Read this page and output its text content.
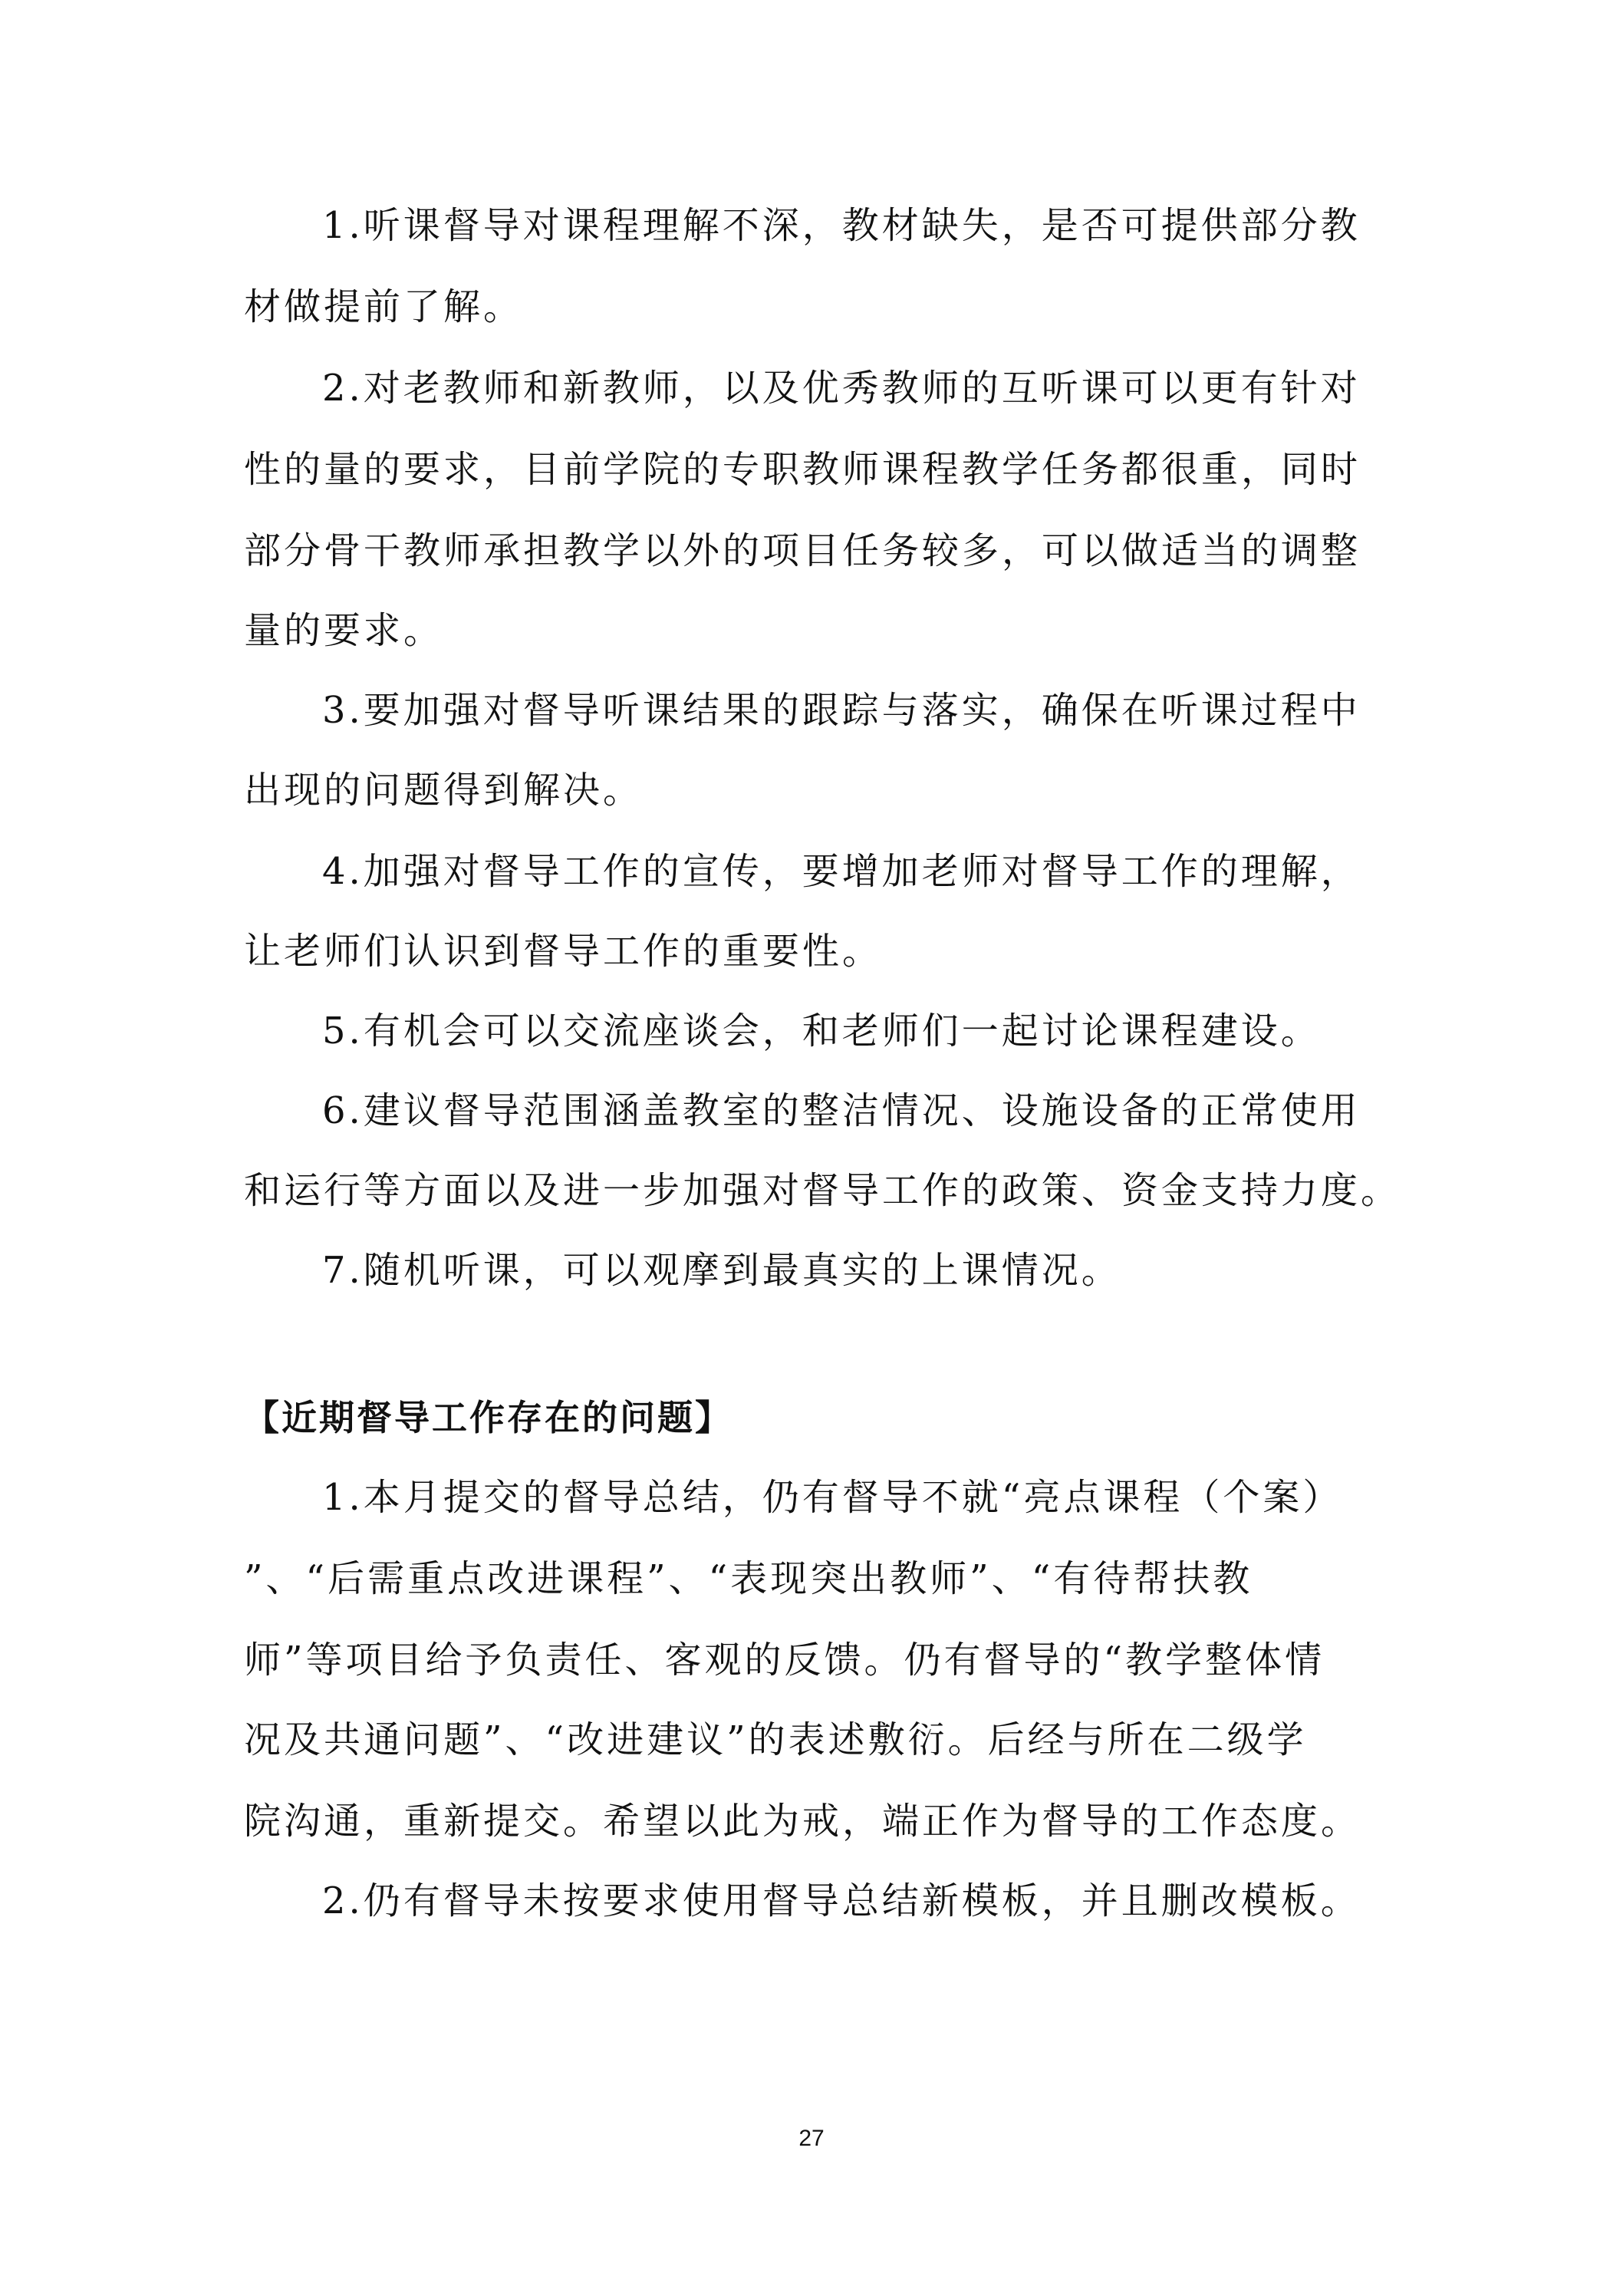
1.听课督导对课程理解不深，教材缺失，是否可提供部分教
材做提前了解。
2.对老教师和新教师，以及优秀教师的互听课可以更有针对
性的量的要求，目前学院的专职教师课程教学任务都很重，同时
部分骨干教师承担教学以外的项目任务较多，可以做适当的调整
量的要求。
3.要加强对督导听课结果的跟踪与落实，确保在听课过程中
出现的问题得到解决。
4.加强对督导工作的宣传，要增加老师对督导工作的理解，
让老师们认识到督导工作的重要性。
5.有机会可以交流座谈会，和老师们一起讨论课程建设。
6.建议督导范围涵盖教室的整洁情况、设施设备的正常使用
和运行等方面以及进一步加强对督导工作的政策、资金支持力度。
7.随机听课，可以观摩到最真实的上课情况。
【近期督导工作存在的问题】
1.本月提交的督导总结，仍有督导不就“亮点课程（个案）
”、“后需重点改进课程”、“表现突出教师”、“有待帮扶教
师”等项目给予负责任、客观的反馈。仍有督导的“教学整体情
况及共通问题”、“改进建议”的表述敷衍。后经与所在二级学
院沟通，重新提交。希望以此为戒，端正作为督导的工作态度。
2.仍有督导未按要求使用督导总结新模板，并且删改模板。
27
